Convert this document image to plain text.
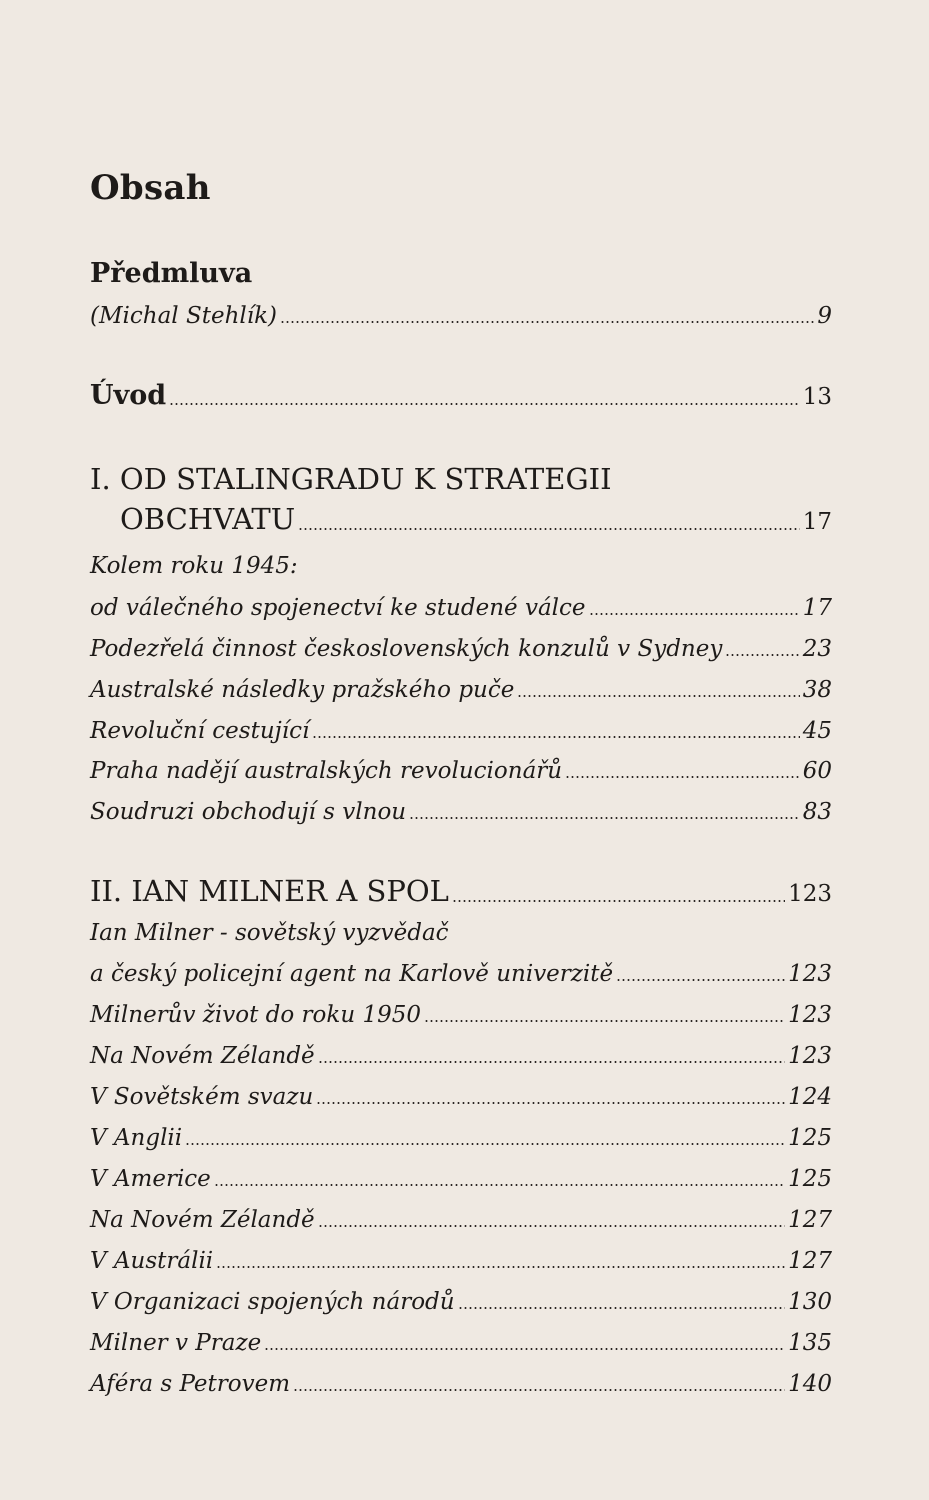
Obsah
Předmluva
(Michal Stehlík)	9
Úvod	13
I. OD STALINGRADU K STRATEGII
OBCHVATU	17
Kolem roku 1945:
od válečného spojenectví ke studené válce	17
Podezřelá činnost československých konzulů v Sydney	23
Australské následky pražského puče	38
Revoluční cestující	45
Praha nadějí australských revolucionářů	60
Soudruzi obchodují s vlnou	83
II. IAN MILNER A SPOL	123
Ian Milner - sovětský vyzvědač
a český policejní agent na Karlově univerzitě	123
Milnerův život do roku 1950	123
Na Novém Zélandě	123
V Sovětském svazu	124
V Anglii	125
V Americe	125
Na Novém Zélandě	127
V Austrálii	127
V Organizaci spojených národů	130
Milner v Praze	135
Aféra s Petrovem	140
